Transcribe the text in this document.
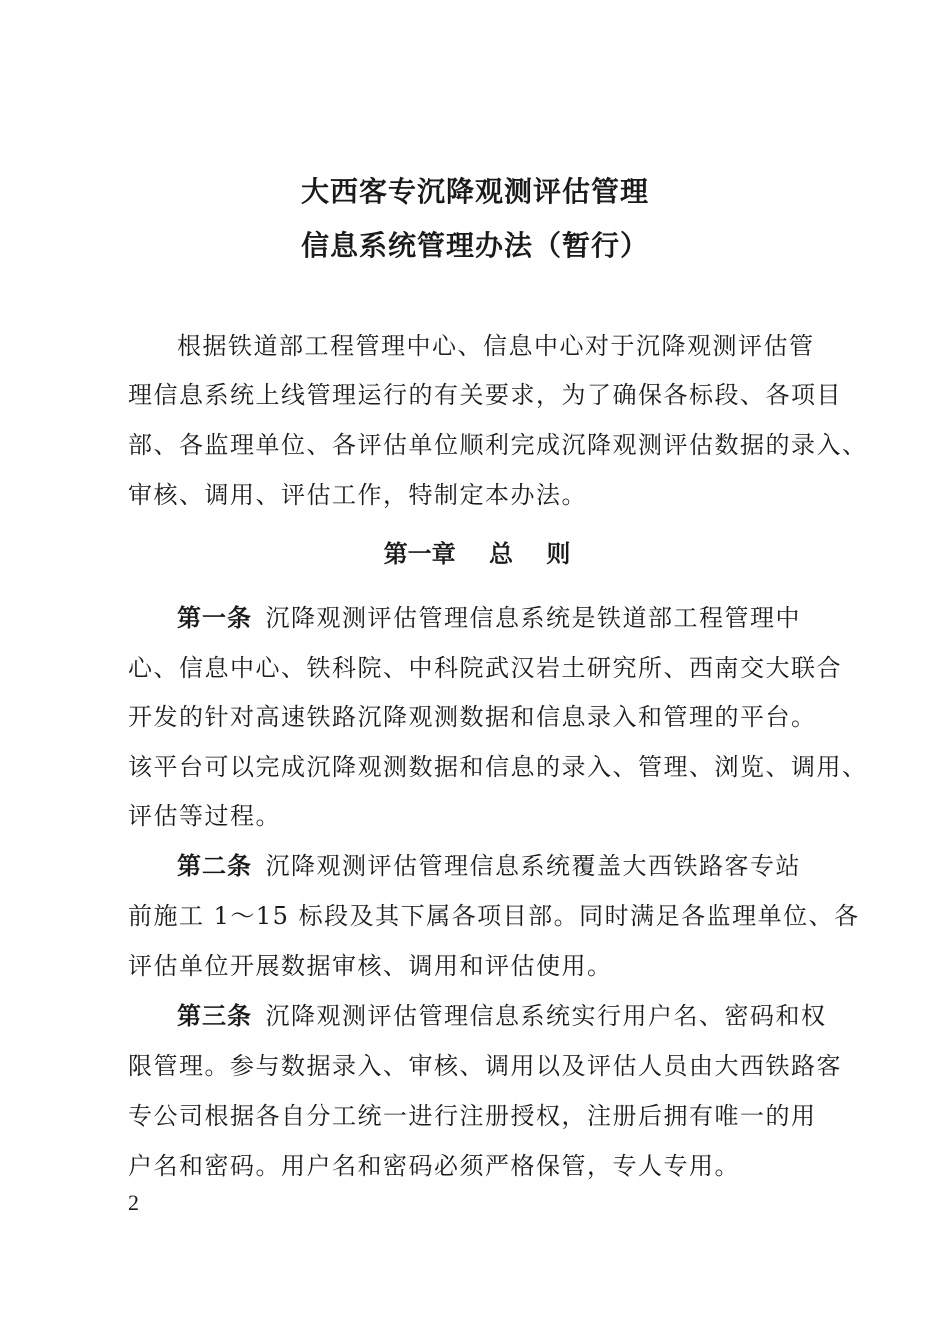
大西客专沉降观测评估管理
信息系统管理办法（暂行）
根据铁道部工程管理中心、信息中心对于沉降观测评估管
理信息系统上线管理运行的有关要求，为了确保各标段、各项目
部、各监理单位、各评估单位顺利完成沉降观测评估数据的录入、
审核、调用、评估工作，特制定本办法。
第一章    总    则
第一条  沉降观测评估管理信息系统是铁道部工程管理中
心、信息中心、铁科院、中科院武汉岩土研究所、西南交大联合
开发的针对高速铁路沉降观测数据和信息录入和管理的平台。
该平台可以完成沉降观测数据和信息的录入、管理、浏览、调用、
评估等过程。
第二条  沉降观测评估管理信息系统覆盖大西铁路客专站
前施工 1～15 标段及其下属各项目部。同时满足各监理单位、各
评估单位开展数据审核、调用和评估使用。
第三条  沉降观测评估管理信息系统实行用户名、密码和权
限管理。参与数据录入、审核、调用以及评估人员由大西铁路客
专公司根据各自分工统一进行注册授权，注册后拥有唯一的用
户名和密码。用户名和密码必须严格保管，专人专用。
2
